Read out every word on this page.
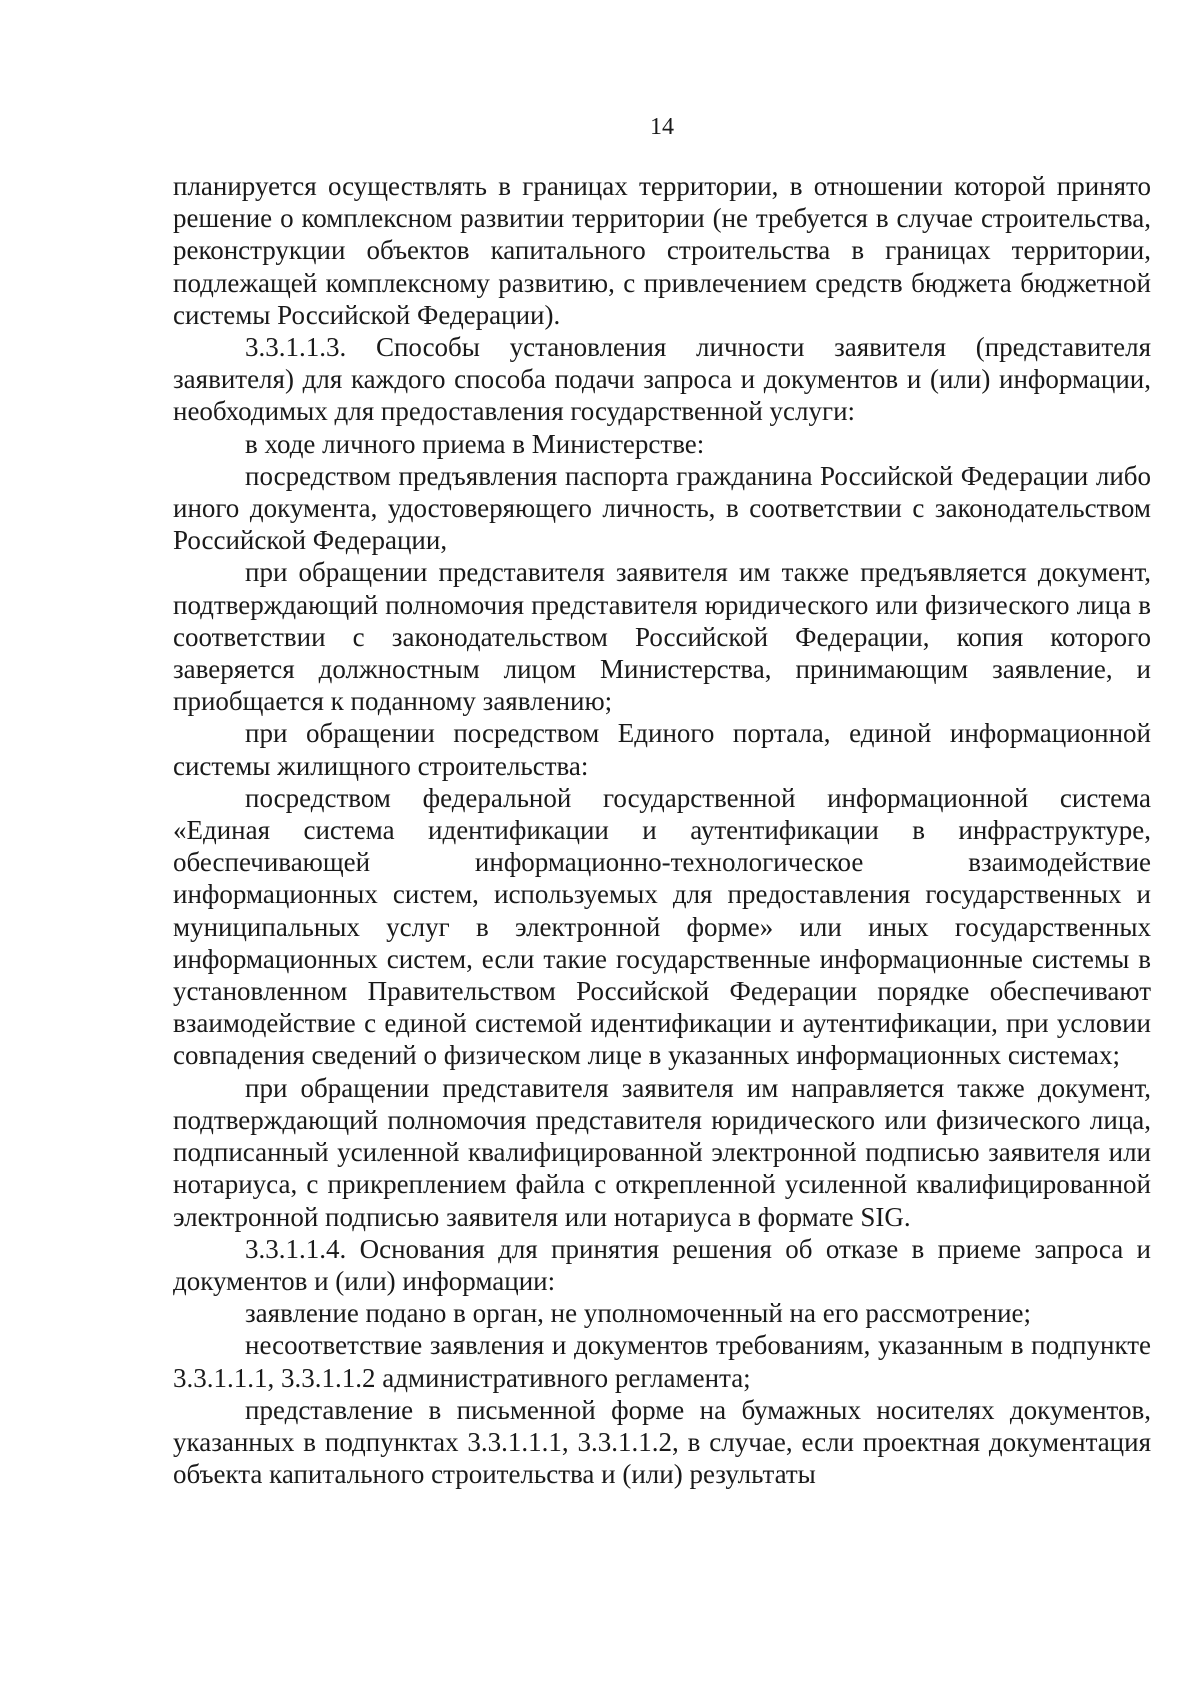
14

планируется осуществлять в границах территории, в отношении которой принято решение о комплексном развитии территории (не требуется в случае строительства, реконструкции объектов капитального строительства в границах территории, подлежащей комплексному развитию, с привлечением средств бюджета бюджетной системы Российской Федерации).

3.3.1.1.3. Способы установления личности заявителя (представителя заявителя) для каждого способа подачи запроса и документов и (или) информации, необходимых для предоставления государственной услуги:

в ходе личного приема в Министерстве:

посредством предъявления паспорта гражданина Российской Федерации либо иного документа, удостоверяющего личность, в соответствии с законодательством Российской Федерации,

при обращении представителя заявителя им также предъявляется документ, подтверждающий полномочия представителя юридического или физического лица в соответствии с законодательством Российской Федерации, копия которого заверяется должностным лицом Министерства, принимающим заявление, и приобщается к поданному заявлению;

при обращении посредством Единого портала, единой информационной системы жилищного строительства:

посредством федеральной государственной информационной система «Единая система идентификации и аутентификации в инфраструктуре, обеспечивающей информационно-технологическое взаимодействие информационных систем, используемых для предоставления государственных и муниципальных услуг в электронной форме» или иных государственных информационных систем, если такие государственные информационные системы в установленном Правительством Российской Федерации порядке обеспечивают взаимодействие с единой системой идентификации и аутентификации, при условии совпадения сведений о физическом лице в указанных информационных системах;

при обращении представителя заявителя им направляется также документ, подтверждающий полномочия представителя юридического или физического лица, подписанный усиленной квалифицированной электронной подписью заявителя или нотариуса, с прикреплением файла с открепленной усиленной квалифицированной электронной подписью заявителя или нотариуса в формате SIG.

3.3.1.1.4. Основания для принятия решения об отказе в приеме запроса и документов и (или) информации:

заявление подано в орган, не уполномоченный на его рассмотрение;

несоответствие заявления и документов требованиям, указанным в подпункте 3.3.1.1.1, 3.3.1.1.2 административного регламента;

представление в письменной форме на бумажных носителях документов, указанных в подпунктах 3.3.1.1.1, 3.3.1.1.2, в случае, если проектная документация объекта капитального строительства и (или) результаты
